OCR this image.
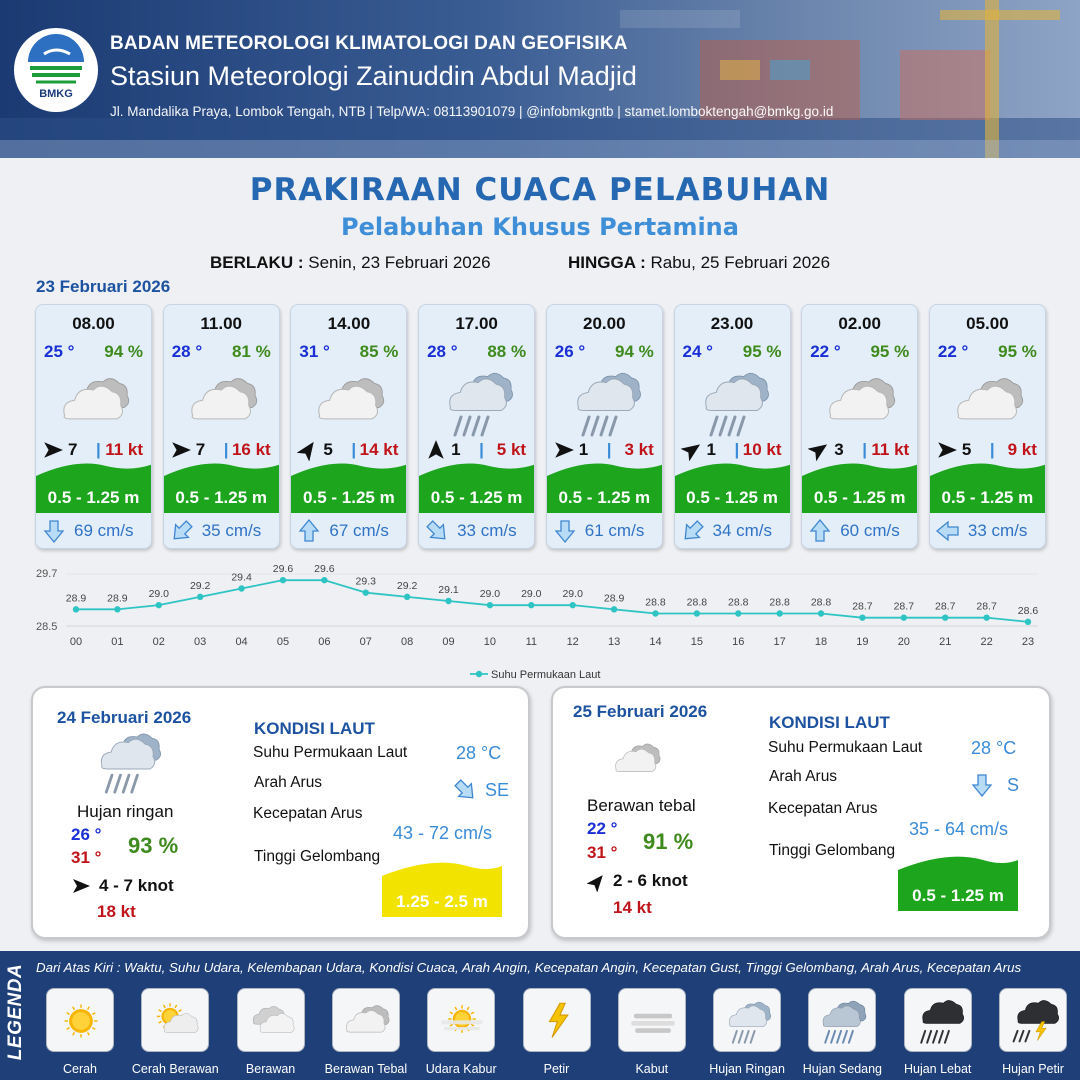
BMKG
BADAN METEOROLOGI KLIMATOLOGI DAN GEOFISIKA
Stasiun Meteorologi Zainuddin Abdul Madjid
Jl. Mandalika Praya, Lombok Tengah, NTB | Telp/WA: 08113901079 | @infobmkgntb | stamet.lomboktengah@bmkg.go.id
PRAKIRAAN CUACA PELABUHAN
Pelabuhan Khusus Pertamina
BERLAKU : Senin, 23 Februari 2026	HINGGA : Rabu, 25 Februari 2026
23 Februari 2026
08.00
25 ° 94 %
7 | 11 kt
0.5 - 1.25 m
69 cm/s
11.00
28 ° 81 %
7 | 16 kt
0.5 - 1.25 m
35 cm/s
14.00
31 ° 85 %
5 | 14 kt
0.5 - 1.25 m
67 cm/s
17.00
28 ° 88 %
1 | 5 kt
0.5 - 1.25 m
33 cm/s
20.00
26 ° 94 %
1 | 3 kt
0.5 - 1.25 m
61 cm/s
23.00
24 ° 95 %
1 | 10 kt
0.5 - 1.25 m
34 cm/s
02.00
22 ° 95 %
3 | 11 kt
0.5 - 1.25 m
60 cm/s
05.00
22 ° 95 %
5 | 9 kt
0.5 - 1.25 m
33 cm/s
29.7
28.5
28.9 28.9 29.0
29.2
29.4
29.6 29.6
29.3 29.2 29.1 29.0 29.0 29.0 28.9 28.8 28.8 28.8 28.8 28.8 28.7 28.7 28.7 28.7 28.6
00	01	02	03	04	05	06	07	08	09	10	11	12	13	14	15	16	17	18	19	20	21	22	23
Suhu Permukaan Laut
24 Februari 2026
Hujan ringan
26 °
31 ° 93 %
4 - 7 knot
18 kt
KONDISI LAUT
Suhu Permukaan Laut	28 °C
Arah Arus	SE
Kecepatan Arus
43 - 72 cm/s
Tinggi Gelombang
1.25 - 2.5 m
25 Februari 2026
Berawan tebal
22 °
31 ° 91 %
2 - 6 knot
14 kt
KONDISI LAUT
Suhu Permukaan Laut	28 °C
Arah Arus	S
Kecepatan Arus
35 - 64 cm/s
Tinggi Gelombang
0.5 - 1.25 m
LEGENDA Dari Atas Kiri : Waktu, Suhu Udara, Kelembapan Udara, Kondisi Cuaca, Arah Angin, Kecepatan Angin, Kecepatan Gust, Tinggi Gelombang, Arah Arus, Kecepatan Arus
Cerah	Cerah Berawan	Berawan	Berawan Tebal	Udara Kabur	Petir	Kabut	Hujan Ringan	Hujan Sedang	Hujan Lebat	Hujan Petir
